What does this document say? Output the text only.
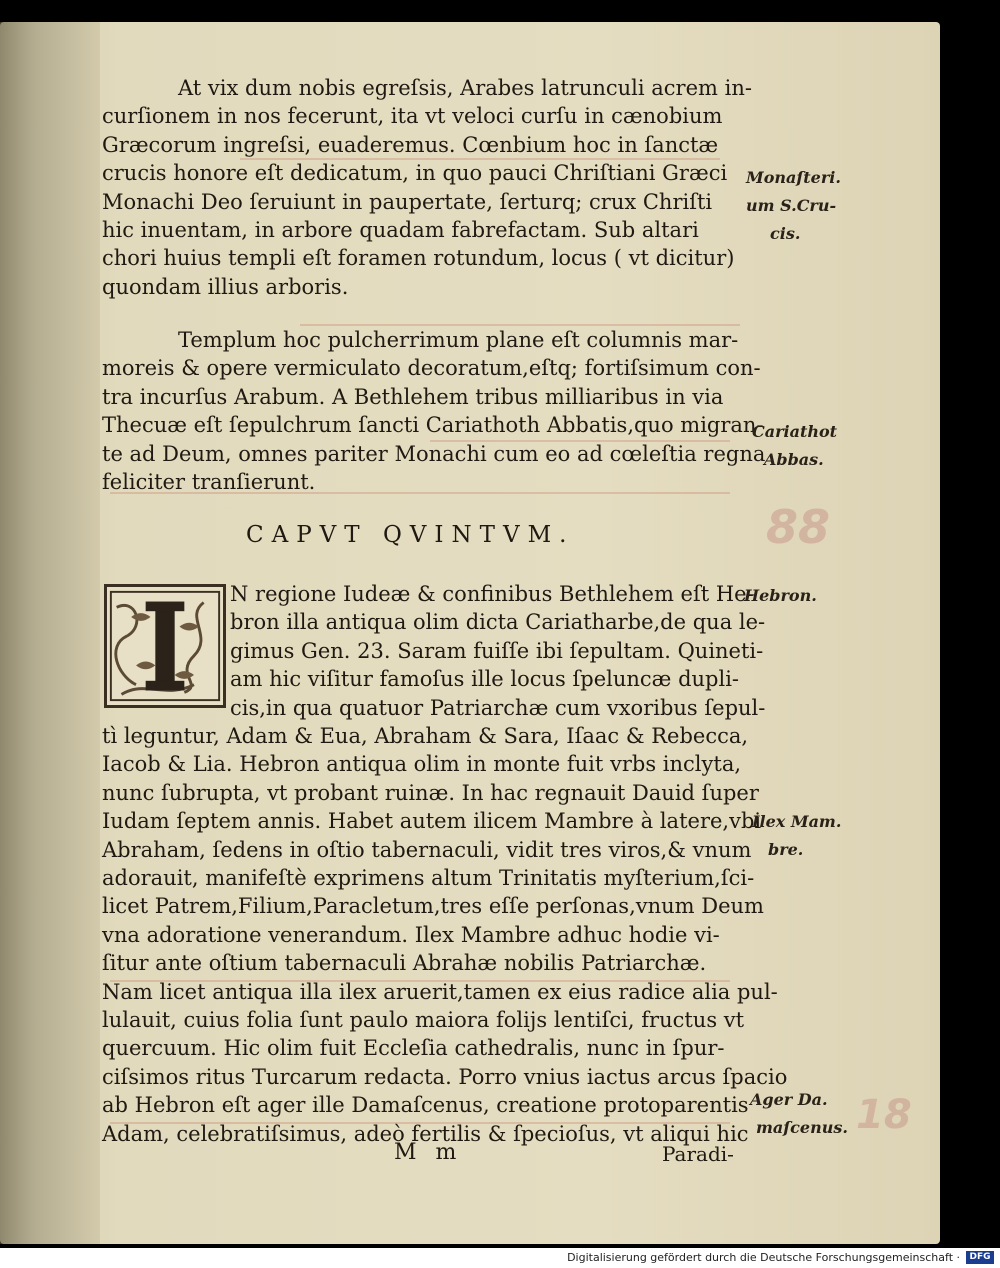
88
18
At vix dum nobis egreſsis, Arabes latrunculi acrem in-
curſionem in nos fecerunt, ita vt veloci curſu in cænobium
Græcorum ingreſsi, euaderemus. Cœnbium hoc in ſanctæ
crucis honore eſt dedicatum, in quo pauci Chriſtiani Græci
Monachi Deo ſeruiunt in paupertate, ſerturq; crux Chriſti
hic inuentam, in arbore quadam fabrefactam. Sub altari
chori huius templi eſt foramen rotundum, locus ( vt dicitur)
quondam illius arboris.
Templum hoc pulcherrimum plane eſt columnis mar-
moreis & opere vermiculato decoratum,eſtq; fortiſsimum con-
tra incurſus Arabum. A Bethlehem tribus milliaribus in via
Thecuæ eſt ſepulchrum ſancti Cariathoth Abbatis,quo migran-
te ad Deum, omnes pariter Monachi cum eo ad cœleſtia regna
feliciter tranſierunt.
CAPVT QVINTVM.
N regione Iudeæ & confinibus Bethlehem eſt He-
bron illa antiqua olim dicta Cariatharbe,de qua le-
gimus Gen. 23. Saram fuiſſe ibi ſepultam. Quineti-
am hic viſitur famoſus ille locus ſpeluncæ dupli-
cis,in qua quatuor Patriarchæ cum vxoribus ſepul-
tì leguntur, Adam & Eua, Abraham & Sara, Iſaac & Rebecca,
Iacob & Lia. Hebron antiqua olim in monte fuit vrbs inclyta,
nunc ſubrupta, vt probant ruinæ. In hac regnauit Dauid ſuper
Iudam ſeptem annis. Habet autem ilicem Mambre à latere,vbi
Abraham, ſedens in oſtio tabernaculi, vidit tres viros,& vnum
adorauit, manifeſtè exprimens altum Trinitatis myſterium,ſci-
licet Patrem,Filium,Paracletum,tres eſſe perſonas,vnum Deum
vna adoratione venerandum. Ilex Mambre adhuc hodie vi-
ſitur ante oſtium tabernaculi Abrahæ nobilis Patriarchæ.
Nam licet antiqua illa ilex aruerit,tamen ex eius radice alia pul-
lulauit, cuius folia ſunt paulo maiora folijs lentiſci, fructus vt
quercuum. Hic olim fuit Eccleſia cathedralis, nunc in ſpur-
ciſsimos ritus Turcarum redacta. Porro vnius iactus arcus ſpacio
ab Hebron eſt ager ille Damaſcenus, creatione protoparentis
Adam, celebratiſsimus, adeò fertilis & ſpecioſus, vt aliqui hic
Monaſteri.
um S.Cru-
cis.
Cariathot
Abbas.
Hebron.
Ilex Mam.
bre.
Ager Da.
maſcenus.
M m	Paradi-
Digitalisierung gefördert durch die Deutsche Forschungsgemeinschaft ·	DFG
